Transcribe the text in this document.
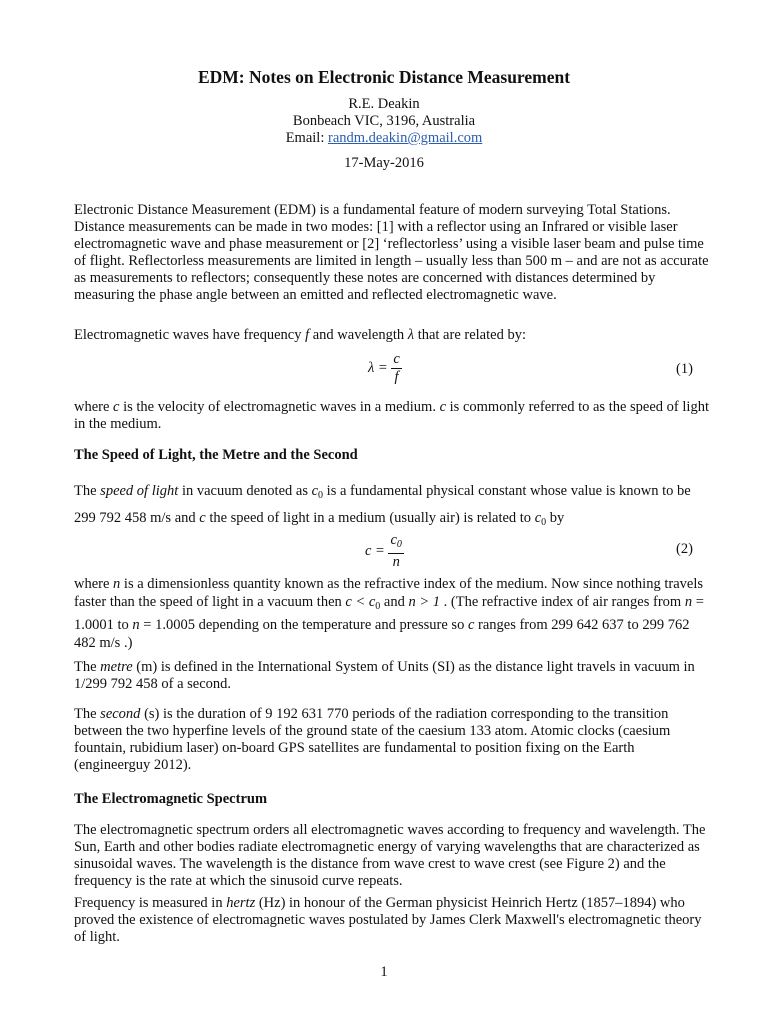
EDM: Notes on Electronic Distance Measurement
R.E. Deakin
Bonbeach VIC, 3196, Australia
Email: randm.deakin@gmail.com
17-May-2016
Electronic Distance Measurement (EDM) is a fundamental feature of modern surveying Total Stations. Distance measurements can be made in two modes: [1] with a reflector using an Infrared or visible laser electromagnetic wave and phase measurement or [2] ‘reflectorless’ using a visible laser beam and pulse time of flight. Reflectorless measurements are limited in length – usually less than 500 m – and are not as accurate as measurements to reflectors; consequently these notes are concerned with distances determined by measuring the phase angle between an emitted and reflected electromagnetic wave.
Electromagnetic waves have frequency f and wavelength λ that are related by:
$\lambda = \frac{c}{f}$	(1)
where c is the velocity of electromagnetic waves in a medium. c is commonly referred to as the speed of light in the medium.
The Speed of Light, the Metre and the Second
The speed of light in vacuum denoted as $c_0$ is a fundamental physical constant whose value is known to be 299 792 458 m/s and c the speed of light in a medium (usually air) is related to $c_0$ by
$c = \frac{c_0}{n}$	(2)
where n is a dimensionless quantity known as the refractive index of the medium. Now since nothing travels faster than the speed of light in a vacuum then $c < c_0$ and n > 1 . (The refractive index of air ranges from n = 1.0001 to n = 1.0005 depending on the temperature and pressure so c ranges from 299 642 637 to 299 762 482 m/s .)
The metre (m) is defined in the International System of Units (SI) as the distance light travels in vacuum in 1/299 792 458 of a second.
The second (s) is the duration of 9 192 631 770 periods of the radiation corresponding to the transition between the two hyperfine levels of the ground state of the caesium 133 atom. Atomic clocks (caesium fountain, rubidium laser) on-board GPS satellites are fundamental to position fixing on the Earth (engineerguy 2012).
The Electromagnetic Spectrum
The electromagnetic spectrum orders all electromagnetic waves according to frequency and wavelength. The Sun, Earth and other bodies radiate electromagnetic energy of varying wavelengths that are characterized as sinusoidal waves. The wavelength is the distance from wave crest to wave crest (see Figure 2) and the frequency is the rate at which the sinusoid curve repeats.
Frequency is measured in hertz (Hz) in honour of the German physicist Heinrich Hertz (1857–1894) who proved the existence of electromagnetic waves postulated by James Clerk Maxwell's electromagnetic theory of light.
1
